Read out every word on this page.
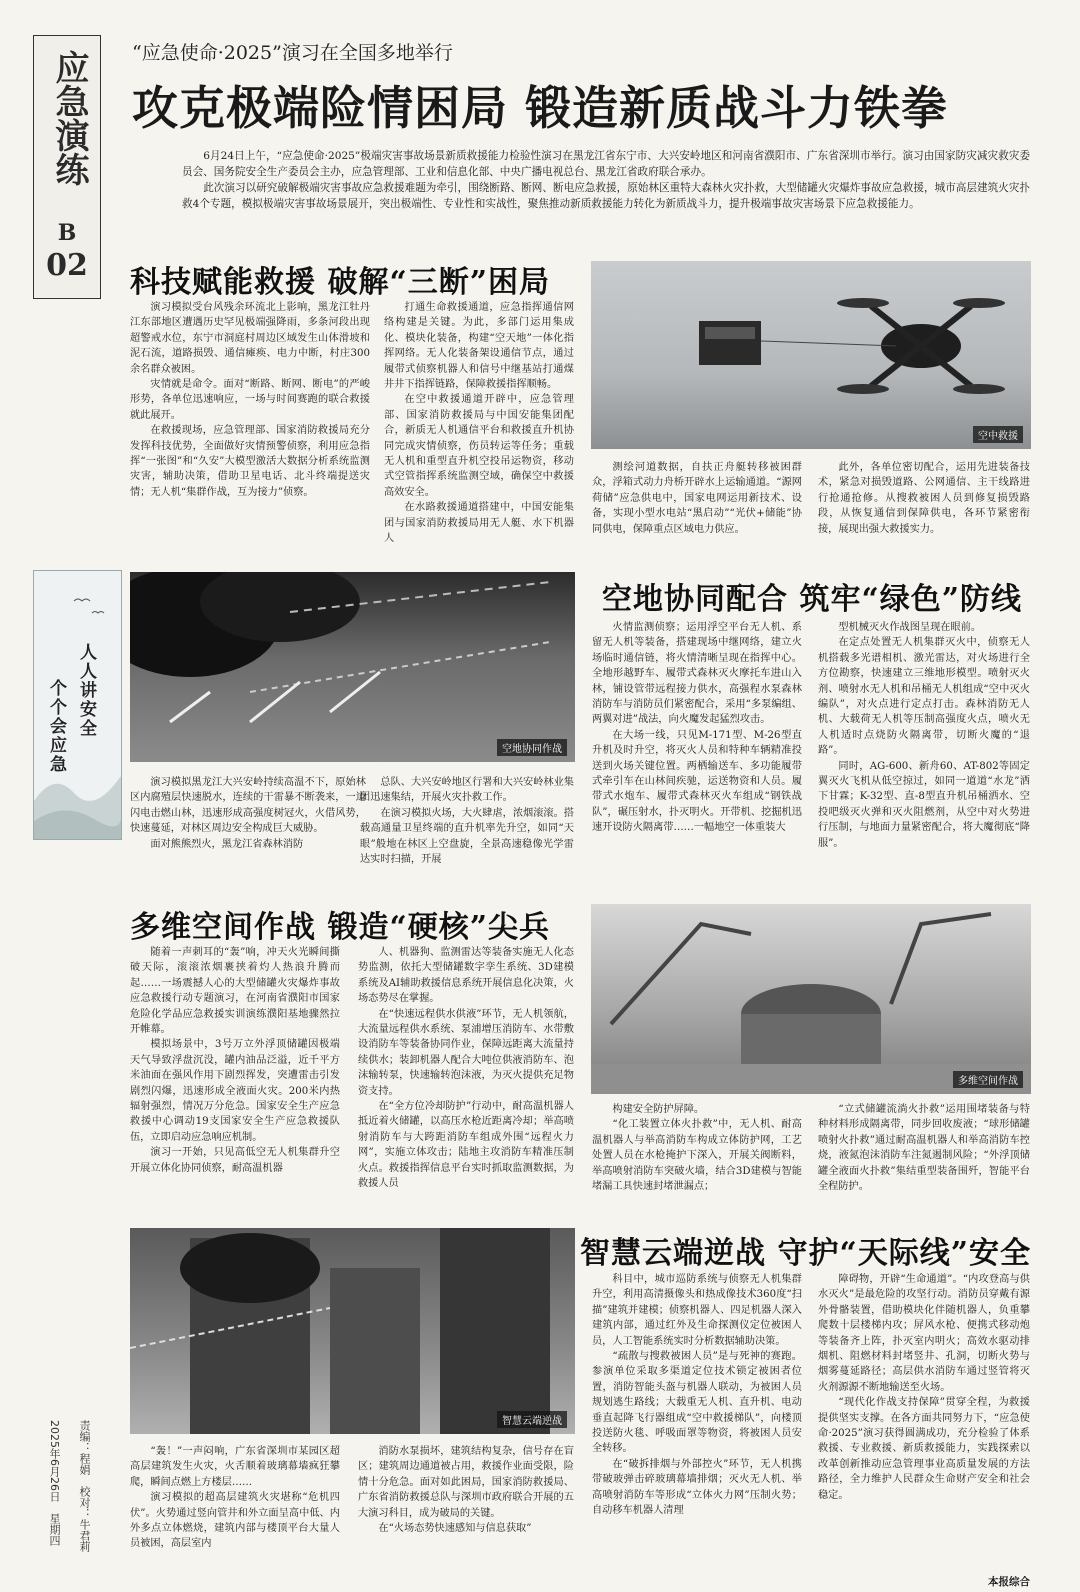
应急演练
B
02
“应急使命·2025”演习在全国多地举行
攻克极端险情困局 锻造新质战斗力铁拳

6月24日上午，“应急使命·2025”极端灾害事故场景新质救援能力检验性演习在黑龙江省东宁市、大兴安岭地区和河南省濮阳市、广东省深圳市举行。演习由国家防灾减灾救灾委员会、国务院安全生产委员会主办，应急管理部、工业和信息化部、中央广播电视总台、黑龙江省政府联合承办。

此次演习以研究破解极端灾害事故应急救援难题为牵引，围绕断路、断网、断电应急救援，原始林区重特大森林火灾扑救，大型储罐火灾爆炸事故应急救援，城市高层建筑火灾扑救4个专题，模拟极端灾害事故场景展开，突出极端性、专业性和实战性，聚焦推动新质救援能力转化为新质战斗力，提升极端事故灾害场景下应急救援能力。

科技赋能救援 破解“三断”困局

演习模拟受台风残余环流北上影响，黑龙江牡丹江东部地区遭遇历史罕见极端强降雨，多条河段出现超警戒水位，东宁市洞庭村周边区域发生山体滑坡和泥石流，道路损毁、通信瘫痪、电力中断，村庄300余名群众被困。

灾情就是命令。面对“断路、断网、断电”的严峻形势，各单位迅速响应，一场与时间赛跑的联合救援就此展开。

在救援现场，应急管理部、国家消防救援局充分发挥科技优势，全面做好灾情预警侦察，利用应急指挥“一张图”和“久安”大模型激活大数据分析系统监测灾害，辅助决策，借助卫星电话、北斗终端提送灾情；无人机“集群作战，互为接力”侦察。

打通生命救援通道，应急指挥通信网络构建是关键。为此，多部门运用集成化、模块化装备，构建“空天地”一体化指挥网络。无人化装备架设通信节点，通过履带式侦察机器人和信号中继基站打通煤井井下指挥链路，保障救援指挥顺畅。

在空中救援通道开辟中，应急管理部、国家消防救援局与中国安能集团配合，新质无人机通信平台和救援直升机协同完成灾情侦察，伤员转运等任务；重载无人机和重型直升机空投吊运物资，移动式空管指挥系统监测空域，确保空中救援高效安全。

在水路救援通道搭建中，中国安能集团与国家消防救援局用无人艇、水下机器人

空中救援

测绘河道数据，自扶正舟艇转移被困群众，浮箱式动力舟桥开辟水上运输通道。“源网荷储”应急供电中，国家电网运用新技术、设备，实现小型水电站“黑启动”“光伏+储能”协同供电，保障重点区域电力供应。

此外，各单位密切配合，运用先进装备技术，紧急对损毁道路、公网通信、主干线路进行抢通抢修。从搜救被困人员到修复损毁路段，从恢复通信到保障供电，各环节紧密衔接，展现出强大救援实力。

人人讲安全
个个会应急	空地协同作战
空地协同配合 筑牢“绿色”防线

演习模拟黑龙江大兴安岭持续高温不下，原始林区内腐殖层快速脱水，连续的干雷暴不断袭来，一道闪电击燃山林，迅速形成高强度树冠火，火借风势，快速蔓延，对林区周边安全构成巨大威胁。

面对熊熊烈火，黑龙江省森林消防

总队、大兴安岭地区行署和大兴安岭林业集团迅速集结，开展火灾扑救工作。

在演习模拟火场，大火肆虐，浓烟滚滚。搭载高通量卫星终端的直升机率先升空，如同“天眼”般地在林区上空盘旋，全景高速稳像光学雷达实时扫描，开展

火情监测侦察；运用浮空平台无人机、系留无人机等装备，搭建现场中继网络，建立火场临时通信链，将火情清晰呈现在指挥中心。全地形越野车、履带式森林灭火摩托车进山入林，铺设管带远程接力供水，高强程水泵森林消防车与消防员们紧密配合，采用“多泵编组、两翼对进”战法，向火魔发起猛烈攻击。

在大场一线，只见M-171型、M-26型直升机及时升空，将灭火人员和特种车辆精准投送到火场关键位置。两栖输送车、多功能履带式牵引车在山林间疾驰，运送物资和人员。履带式水炮车、履带式森林灭火车组成“钢铁战队”，碾压射水，扑灭明火。开带机、挖掘机迅速开设防火隔离带……一幅地空一体重装大

型机械灭火作战图呈现在眼前。

在定点处置无人机集群灭火中，侦察无人机搭载多光谱相机、激光雷达，对火场进行全方位勘察，快速建立三维地形模型。喷射灭火剂、喷射水无人机和吊桶无人机组成“空中灭火编队”，对火点进行定点打击。森林消防无人机、大载荷无人机等压制高强度火点，喷火无人机适时点烧防火隔离带，切断火魔的“退路”。

同时，AG-600、新舟60、AT-802等固定翼灭火飞机从低空掠过，如同一道道“水龙”洒下甘霖；K-32型、直-8型直升机吊桶洒水、空投吧级灭火弹和灭火阻燃剂，从空中对火势进行压制，与地面力量紧密配合，将大魔彻底“降服”。

多维空间作战 锻造“硬核”尖兵

随着一声刺耳的“轰”响，冲天火光瞬间撕破天际，滚滚浓烟裹挟着灼人热浪升腾而起……一场震撼人心的大型储罐火灾爆炸事故应急救援行动专题演习，在河南省濮阳市国家危险化学品应急救援实训演练濮阳基地骤然拉开帷幕。

模拟场景中，3号万立外浮顶储罐因极端天气导致浮盘沉没，罐内油品泛溢，近千平方米油面在强风作用下剧烈挥发，突遭雷击引发剧烈闪爆，迅速形成全液面火灾。200米内热辐射强烈，情况万分危急。国家安全生产应急救援中心调动19支国家安全生产应急救援队伍，立即启动应急响应机制。

演习一开始，只见高低空无人机集群升空开展立体化协同侦察，耐高温机器

人、机器狗、监测雷达等装备实施无人化态势监测，依托大型储罐数字孪生系统、3D建模系统及AI辅助救援信息系统开展信息化决策，火场态势尽在掌握。

在“快速远程供水供液”环节，无人机领航，大流量远程供水系统、泵浦增压消防车、水带敷设消防车等装备协同作业，保障远距离大流量持续供水；装卸机器人配合大吨位供液消防车、泡沫输转泵，快速输转泡沫液，为灭火提供充足物资支持。

在“全方位冷却防护”行动中，耐高温机器人抵近着火储罐，以高压水枪近距离冷却；举高喷射消防车与大跨距消防车组成外围“远程火力网”，实施立体攻击；陆地主攻消防车精准压制火点。救援指挥信息平台实时抓取监测数据，为救援人员

多维空间作战

构建安全防护屏障。

“化工装置立体火扑救”中，无人机、耐高温机器人与举高消防车构成立体防护网，工艺处置人员在水枪掩护下深入，开展关阀断料，举高喷射消防车突破火墙，结合3D建模与智能堵漏工具快速封堵泄漏点；

“立式储罐流淌火扑救”运用围堵装备与特种材料形成隔离带，同步回收废液；“球形储罐喷射火扑救”通过耐高温机器人和举高消防车控烧，液氮泡沫消防车注氮遏制风险；“外浮顶储罐全液面火扑救”集结重型装备围歼，智能平台全程防护。

智慧云端逆战
智慧云端逆战 守护“天际线”安全

“轰！”一声闷响，广东省深圳市某园区超高层建筑发生火灾，火舌顺着玻璃幕墙疯狂攀爬，瞬间点燃上方楼层……

演习模拟的超高层建筑火灾堪称“危机四伏”。火势通过竖向管井和外立面呈高中低、内外多点立体燃烧，建筑内部与楼顶平台大量人员被困，高层室内

消防水泵损坏，建筑结构复杂，信号存在盲区；建筑周边通道被占用，救援作业面受限，险情十分危急。面对如此困局，国家消防救援局、广东省消防救援总队与深圳市政府联合开展的五大演习科目，成为破局的关键。

在“火场态势快速感知与信息获取”

科目中，城市巡防系统与侦察无人机集群升空，利用高清摄像头和热成像技术360度“扫描”建筑并建模；侦察机器人、四足机器人深入建筑内部，通过红外及生命探测仪定位被困人员，人工智能系统实时分析数据辅助决策。

“疏散与搜救被困人员”是与死神的赛跑。参演单位采取多渠道定位技术锁定被困者位置，消防智能头盔与机器人联动，为被困人员规划逃生路线；大载重无人机、直升机、电动垂直起降飞行器组成“空中救援梯队”，向楼顶投送防火毯、呼吸面罩等物资，将被困人员安全转移。

在“破拆排烟与外部控火”环节，无人机携带破玻弹击碎玻璃幕墙排烟；灭火无人机、举高喷射消防车等形成“立体火力网”压制火势；自动移车机器人清理

障碍物，开辟“生命通道”。“内攻登高与供水灭火”是最危险的攻坚行动。消防员穿戴有源外骨骼装置，借助模块化伴随机器人，负重攀爬数十层楼梯内攻；屏风水枪、便携式移动炮等装备齐上阵，扑灭室内明火；高效水驱动排烟机、阻燃材料封堵竖井、孔洞，切断火势与烟雾蔓延路径；高层供水消防车通过竖管将灭火剂源源不断地输送至火场。

“现代化作战支持保障”贯穿全程，为救援提供坚实支撑。在各方面共同努力下，“应急使命·2025”演习获得圆满成功，充分检验了体系救援、专业救援、新质救援能力，实践探索以改革创新推动应急管理事业高质量发展的方法路径，全力维护人民群众生命财产安全和社会稳定。

本报综合
责编：程娟　校对：牛君莉
2025年6月26日　星期四
